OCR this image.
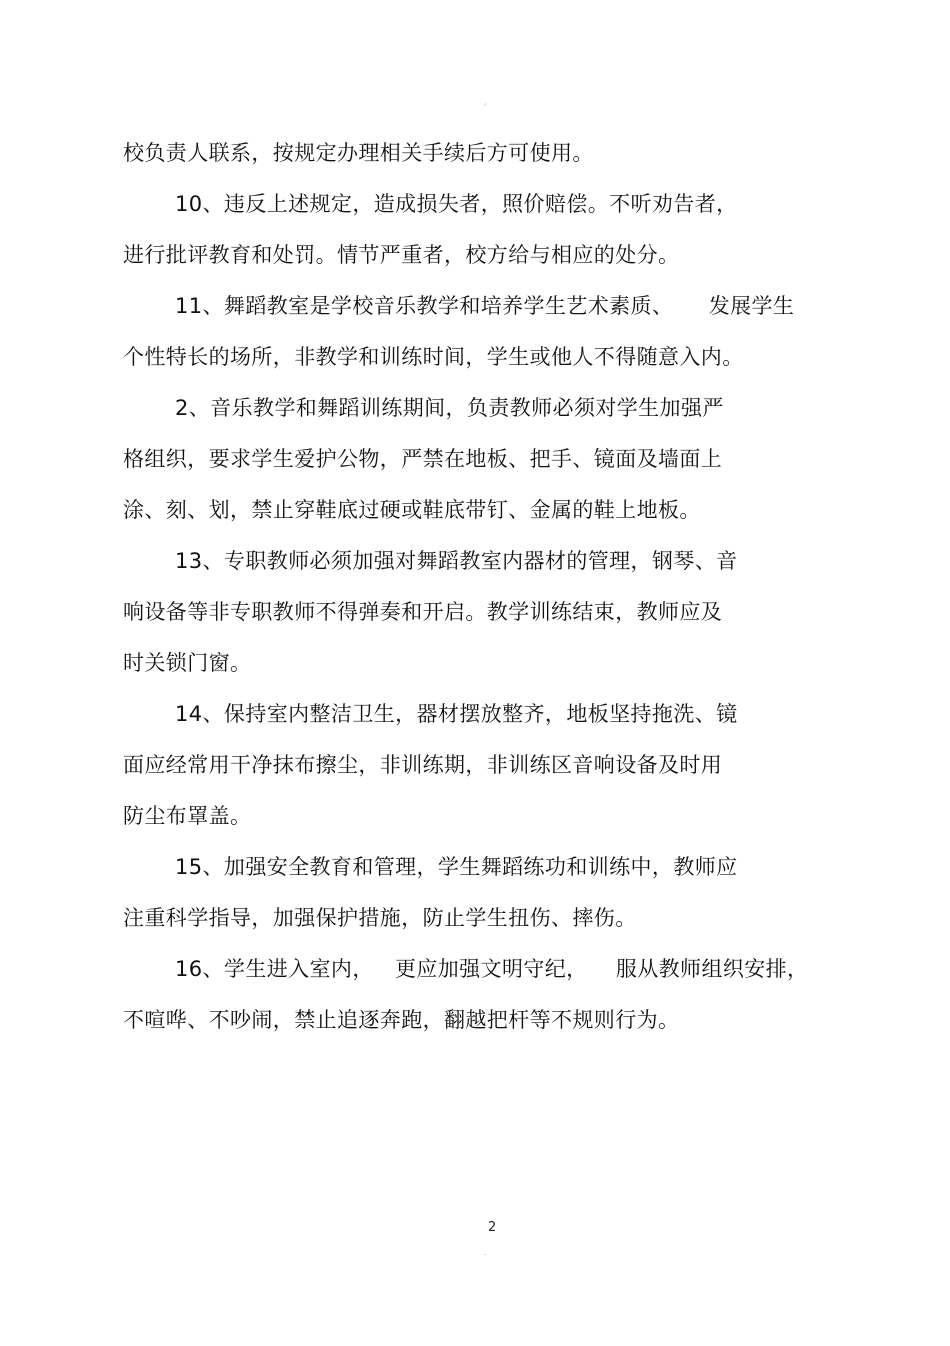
。
校负责人联系，按规定办理相关手续后方可使用。
10、违反上述规定，造成损失者，照价赔偿。不听劝告者，
进行批评教育和处罚。情节严重者，校方给与相应的处分。
11、舞蹈教室是学校音乐教学和培养学生艺术素质、     发展学生
个性特长的场所，非教学和训练时间，学生或他人不得随意入内。
2、音乐教学和舞蹈训练期间，负责教师必须对学生加强严
格组织，要求学生爱护公物，严禁在地板、把手、镜面及墙面上
涂、刻、划，禁止穿鞋底过硬或鞋底带钉、金属的鞋上地板。
13、专职教师必须加强对舞蹈教室内器材的管理，钢琴、音
响设备等非专职教师不得弹奏和开启。教学训练结束，教师应及
时关锁门窗。
14、保持室内整洁卫生，器材摆放整齐，地板坚持拖洗、镜
面应经常用干净抹布擦尘，非训练期，非训练区音响设备及时用
防尘布罩盖。
15、加强安全教育和管理，学生舞蹈练功和训练中，教师应
注重科学指导，加强保护措施，防止学生扭伤、摔伤。
16、学生进入室内，   更应加强文明守纪，    服从教师组织安排，
不喧哗、不吵闹，禁止追逐奔跑，翻越把杆等不规则行为。
2
.
